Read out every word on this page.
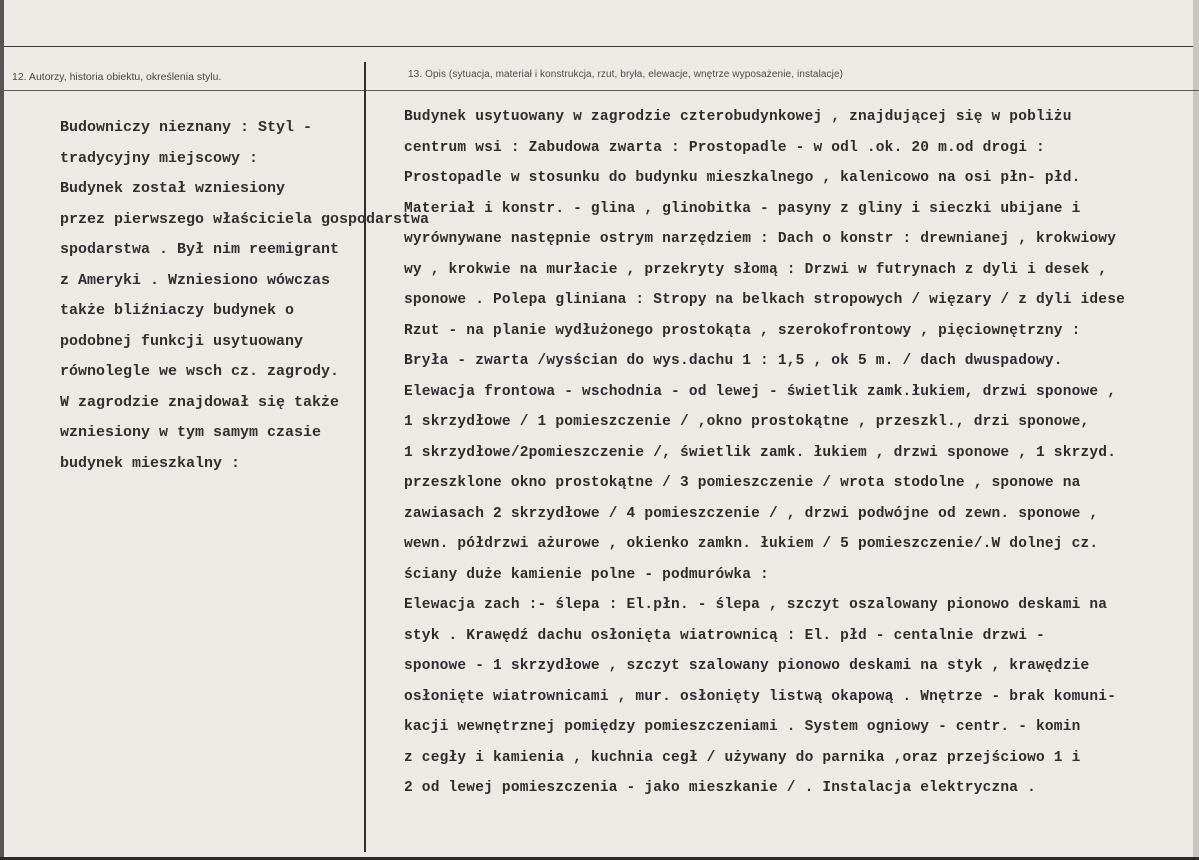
12. Autorzy, historia obiektu, określenia stylu.	13. Opis (sytuacja, materiał i konstrukcja, rzut, bryła, elewacje, wnętrze wyposażenie, instalacje)
Budowniczy nieznany : Styl -
tradycyjny miejscowy :
Budynek został wzniesiony
przez pierwszego właściciela gospodarstwa
spodarstwa . Był nim reemigrant
z Ameryki . Wzniesiono wówczas
także bliźniaczy budynek o
podobnej funkcji usytuowany
równolegle we wsch cz. zagrody.
W zagrodzie znajdował się także
wzniesiony w tym samym czasie
budynek mieszkalny :
Budynek usytuowany w zagrodzie czterobudynkowej , znajdującej się w pobliżu
centrum wsi : Zabudowa zwarta : Prostopadle - w odl .ok. 20 m.od drogi :
Prostopadle w stosunku do budynku mieszkalnego , kalenicowo na osi płn- płd.
Materiał i konstr. - glina , glinobitka - pasyny z gliny i sieczki ubijane i
wyrównywane następnie ostrym narzędziem : Dach o konstr : drewnianej , krokwiowy
wy , krokwie na murłacie , przekryty słomą : Drzwi w futrynach z dyli i desek ,
sponowe . Polepa gliniana : Stropy na belkach stropowych / więzary / z dyli idese
Rzut - na planie wydłużonego prostokąta , szerokofrontowy , pięciownętrzny :
Bryła - zwarta /wysścian do wys.dachu 1 : 1,5 , ok 5 m. / dach dwuspadowy.
Elewacja frontowa - wschodnia - od lewej - świetlik zamk.łukiem, drzwi sponowe ,
1 skrzydłowe / 1 pomieszczenie / ,okno prostokątne , przeszkl., drzi sponowe,
1 skrzydłowe/2pomieszczenie /, świetlik zamk. łukiem , drzwi sponowe , 1 skrzyd.
przeszklone okno prostokątne / 3 pomieszczenie / wrota stodolne , sponowe na
zawiasach 2 skrzydłowe / 4 pomieszczenie / , drzwi podwójne od zewn. sponowe ,
wewn. półdrzwi ażurowe , okienko zamkn. łukiem / 5 pomieszczenie/.W dolnej cz.
ściany duże kamienie polne - podmurówka :
Elewacja zach :- ślepa : El.płn. - ślepa , szczyt oszalowany pionowo deskami na
styk . Krawędź dachu osłonięta wiatrownicą : El. płd - centalnie drzwi -
sponowe - 1 skrzydłowe , szczyt szalowany pionowo deskami na styk , krawędzie
osłonięte wiatrownicami , mur. osłonięty listwą okapową . Wnętrze - brak komuni-
kacji wewnętrznej pomiędzy pomieszczeniami . System ogniowy - centr. - komin
z cegły i kamienia , kuchnia cegł / używany do parnika ,oraz przejściowo 1 i
2 od lewej pomieszczenia - jako mieszkanie / . Instalacja elektryczna .
